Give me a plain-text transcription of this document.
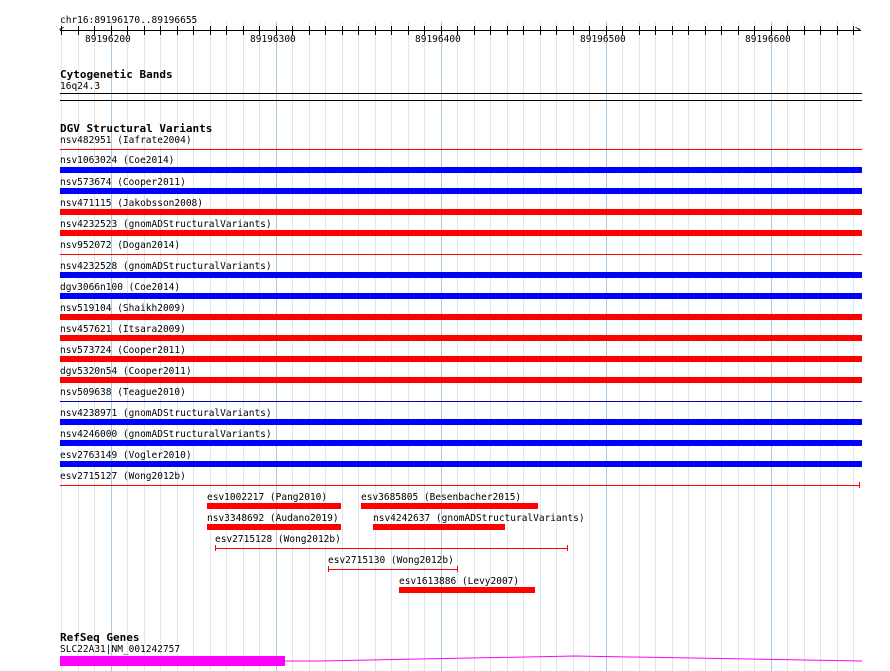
chr16:89196170..89196655
<	>
89196200	89196300	89196400	89196500	89196600
Cytogenetic Bands
16q24.3
DGV Structural Variants
nsv482951 (Iafrate2004)
nsv1063024 (Coe2014)
nsv573674 (Cooper2011)
nsv471115 (Jakobsson2008)
nsv4232523 (gnomADStructuralVariants)
nsv952072 (Dogan2014)
nsv4232528 (gnomADStructuralVariants)
dgv3066n100 (Coe2014)
nsv519104 (Shaikh2009)
nsv457621 (Itsara2009)
nsv573724 (Cooper2011)
dgv5320n54 (Cooper2011)
nsv509638 (Teague2010)
nsv4238971 (gnomADStructuralVariants)
nsv4246000 (gnomADStructuralVariants)
esv2763149 (Vogler2010)
esv2715127 (Wong2012b)
esv1002217 (Pang2010)	esv3685805 (Besenbacher2015)
nsv3348692 (Audano2019)	nsv4242637 (gnomADStructuralVariants)
esv2715128 (Wong2012b)
esv2715130 (Wong2012b)
esv1613886 (Levy2007)
RefSeq Genes
SLC22A31|NM_001242757
